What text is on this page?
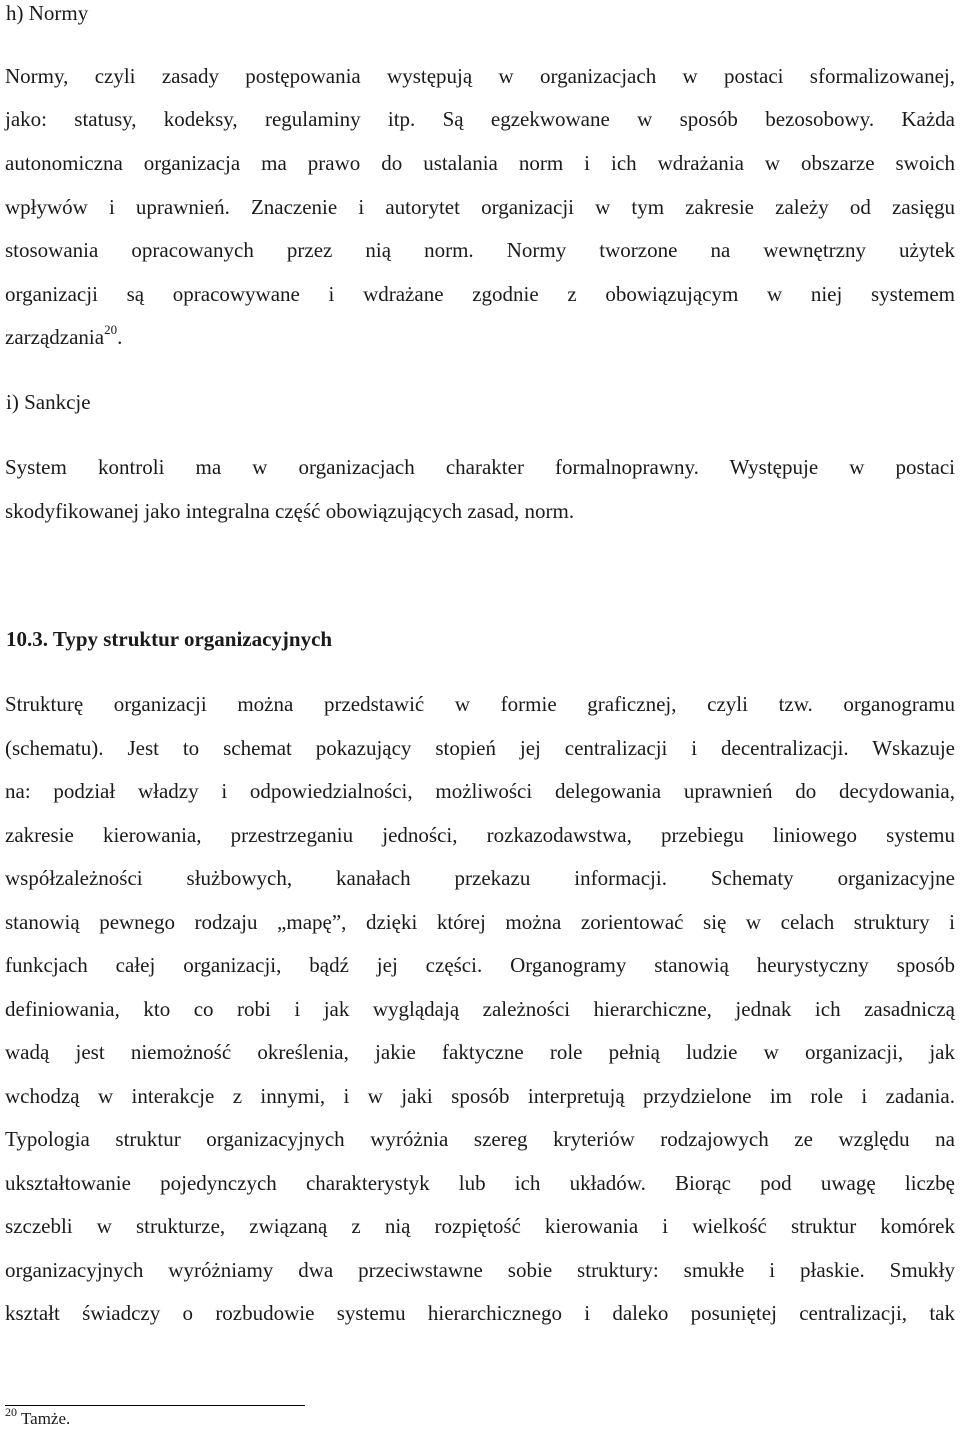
h) Normy
Normy, czyli zasady postępowania występują w organizacjach w postaci sformalizowanej,
jako: statusy, kodeksy, regulaminy itp. Są egzekwowane w sposób bezosobowy. Każda
autonomiczna organizacja ma prawo do ustalania norm i ich wdrażania w obszarze swoich
wpływów i uprawnień. Znaczenie i autorytet organizacji w tym zakresie zależy od zasięgu
stosowania opracowanych przez nią norm. Normy tworzone na wewnętrzny użytek
organizacji są opracowywane i wdrażane zgodnie z obowiązującym w niej systemem
zarządzania$^{20}$.
i) Sankcje
System kontroli ma w organizacjach charakter formalnoprawny. Występuje w postaci
skodyfikowanej jako integralna część obowiązujących zasad, norm.
10.3. Typy struktur organizacyjnych
Strukturę organizacji można przedstawić w formie graficznej, czyli tzw. organogramu
(schematu). Jest to schemat pokazujący stopień jej centralizacji i decentralizacji. Wskazuje
na: podział władzy i odpowiedzialności, możliwości delegowania uprawnień do decydowania,
zakresie kierowania, przestrzeganiu jedności, rozkazodawstwa, przebiegu liniowego systemu
współzależności służbowych, kanałach przekazu informacji. Schematy organizacyjne
stanowią pewnego rodzaju „mapę”, dzięki której można zorientować się w celach struktury i
funkcjach całej organizacji, bądź jej części. Organogramy stanowią heurystyczny sposób
definiowania, kto co robi i jak wyglądają zależności hierarchiczne, jednak ich zasadniczą
wadą jest niemożność określenia, jakie faktyczne role pełnią ludzie w organizacji, jak
wchodzą w interakcje z innymi, i w jaki sposób interpretują przydzielone im role i zadania.
Typologia struktur organizacyjnych wyróżnia szereg kryteriów rodzajowych ze względu na
ukształtowanie pojedynczych charakterystyk lub ich układów. Biorąc pod uwagę liczbę
szczebli w strukturze, związaną z nią rozpiętość kierowania i wielkość struktur komórek
organizacyjnych wyróżniamy dwa przeciwstawne sobie struktury: smukłe i płaskie. Smukły
kształt świadczy o rozbudowie systemu hierarchicznego i daleko posuniętej centralizacji, tak
$^{20}$ Tamże.
